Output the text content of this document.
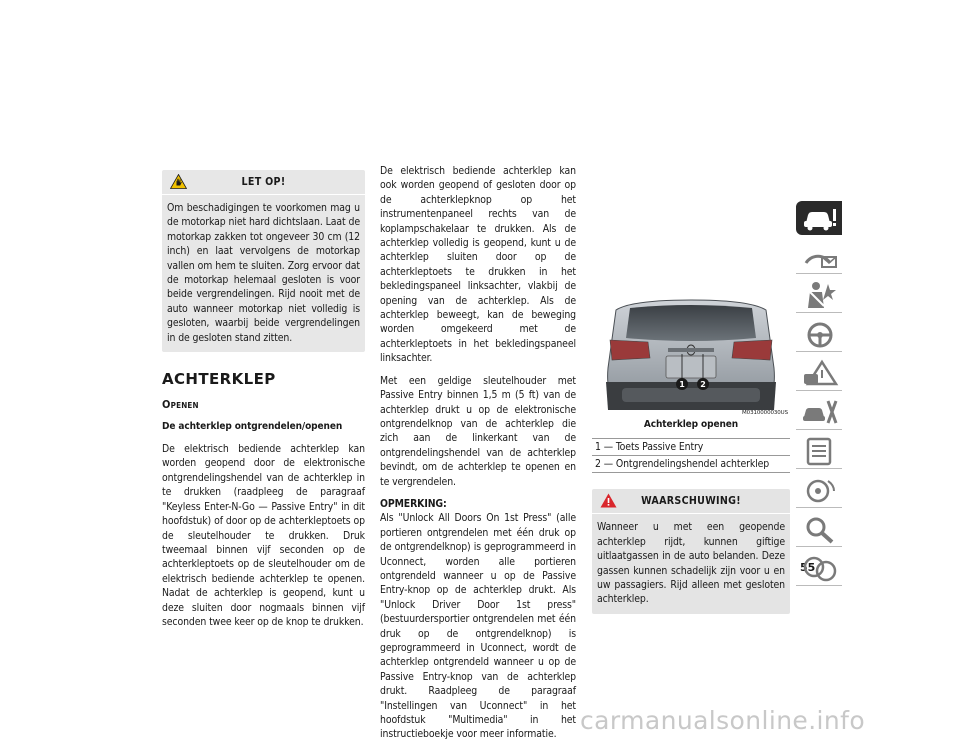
LET OP!
Om beschadigingen te voorkomen mag u de motorkap niet hard dichtslaan. Laat de motorkap zakken tot ongeveer 30 cm (12 inch) en laat vervolgens de motorkap vallen om hem te sluiten. Zorg ervoor dat de motorkap helemaal gesloten is voor beide vergrendelingen. Rijd nooit met de auto wanneer motorkap niet volledig is gesloten, waarbij beide vergrendelingen in de gesloten stand zitten.
ACHTERKLEP
Openen
De achterklep ontgrendelen/openen

De elektrisch bediende achterklep kan worden geopend door de elektronische ontgrendelingshendel van de achterklep in te drukken (raadpleeg de paragraaf "Keyless Enter-N-Go — Passive Entry" in dit hoofdstuk) of door op de achterkleptoets op de sleutelhouder te drukken. Druk tweemaal binnen vijf seconden op de achterkleptoets op de sleutelhouder om de elektrisch bediende achterklep te openen. Nadat de achterklep is geopend, kunt u deze sluiten door nogmaals binnen vijf seconden twee keer op de knop te drukken.

De elektrisch bediende achterklep kan ook worden geopend of gesloten door op de achterklepknop op het instrumentenpaneel rechts van de koplampschakelaar te drukken. Als de achterklep volledig is geopend, kunt u de achterklep sluiten door op de achterkleptoets te drukken in het bekledingspaneel linksachter, vlakbij de opening van de achterklep. Als de achterklep beweegt, kan de beweging worden omgekeerd met de achterkleptoets in het bekledingspaneel linksachter.

Met een geldige sleutelhouder met Passive Entry binnen 1,5 m (5 ft) van de achterklep drukt u op de elektronische ontgrendelknop van de achterklep die zich aan de linkerkant van de ontgrendelingshendel van de achterklep bevindt, om de achterklep te openen en te vergrendelen.

OPMERKING:
Als "Unlock All Doors On 1st Press" (alle portieren ontgrendelen met één druk op de ontgrendelknop) is geprogrammeerd in Uconnect, worden alle portieren ontgrendeld wanneer u op de Passive Entry-knop op de achterklep drukt. Als "Unlock Driver Door 1st press" (bestuurdersportier ontgrendelen met één druk op de ontgrendelknop) is geprogrammeerd in Uconnect, wordt de achterklep ontgrendeld wanneer u op de Passive Entry-knop van de achterklep drukt. Raadpleeg de paragraaf "Instellingen van Uconnect" in het hoofdstuk "Multimedia" in het instructieboekje voor meer informatie.

1 2
M0310000030US
Achterklep openen
1 — Toets Passive Entry
2 — Ontgrendelingshendel achterklep
WAARSCHUWING!
Wanneer u met een geopende achterklep rijdt, kunnen giftige uitlaatgassen in de auto belanden. Deze gassen kunnen schadelijk zijn voor u en uw passagiers. Rijd alleen met gesloten achterklep.
55
carmanualsonline.info
